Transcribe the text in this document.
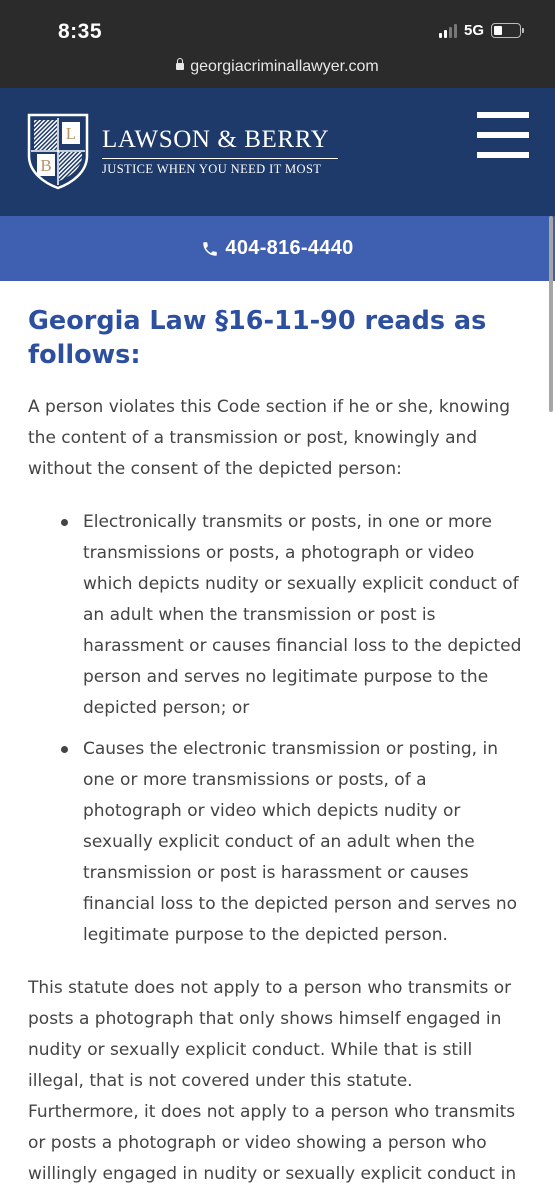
8:35	5G
georgiacriminallawyer.com
L
B
LAWSON & BERRY
JUSTICE WHEN YOU NEED IT MOST
404-816-4440
Georgia Law §16-11-90 reads as follows:

A person violates this Code section if he or she, knowing the content of a transmission or post, knowingly and without the consent of the depicted person:

Electronically transmits or posts, in one or more transmissions or posts, a photograph or video which depicts nudity or sexually explicit conduct of an adult when the transmission or post is harassment or causes financial loss to the depicted person and serves no legitimate purpose to the depicted person; or
Causes the electronic transmission or posting, in one or more transmissions or posts, of a photograph or video which depicts nudity or sexually explicit conduct of an adult when the transmission or post is harassment or causes financial loss to the depicted person and serves no legitimate purpose to the depicted person.

This statute does not apply to a person who transmits or posts a photograph that only shows himself engaged in nudity or sexually explicit conduct. While that is still illegal, that is not covered under this statute. Furthermore, it does not apply to a person who transmits or posts a photograph or video showing a person who willingly engaged in nudity or sexually explicit conduct in
